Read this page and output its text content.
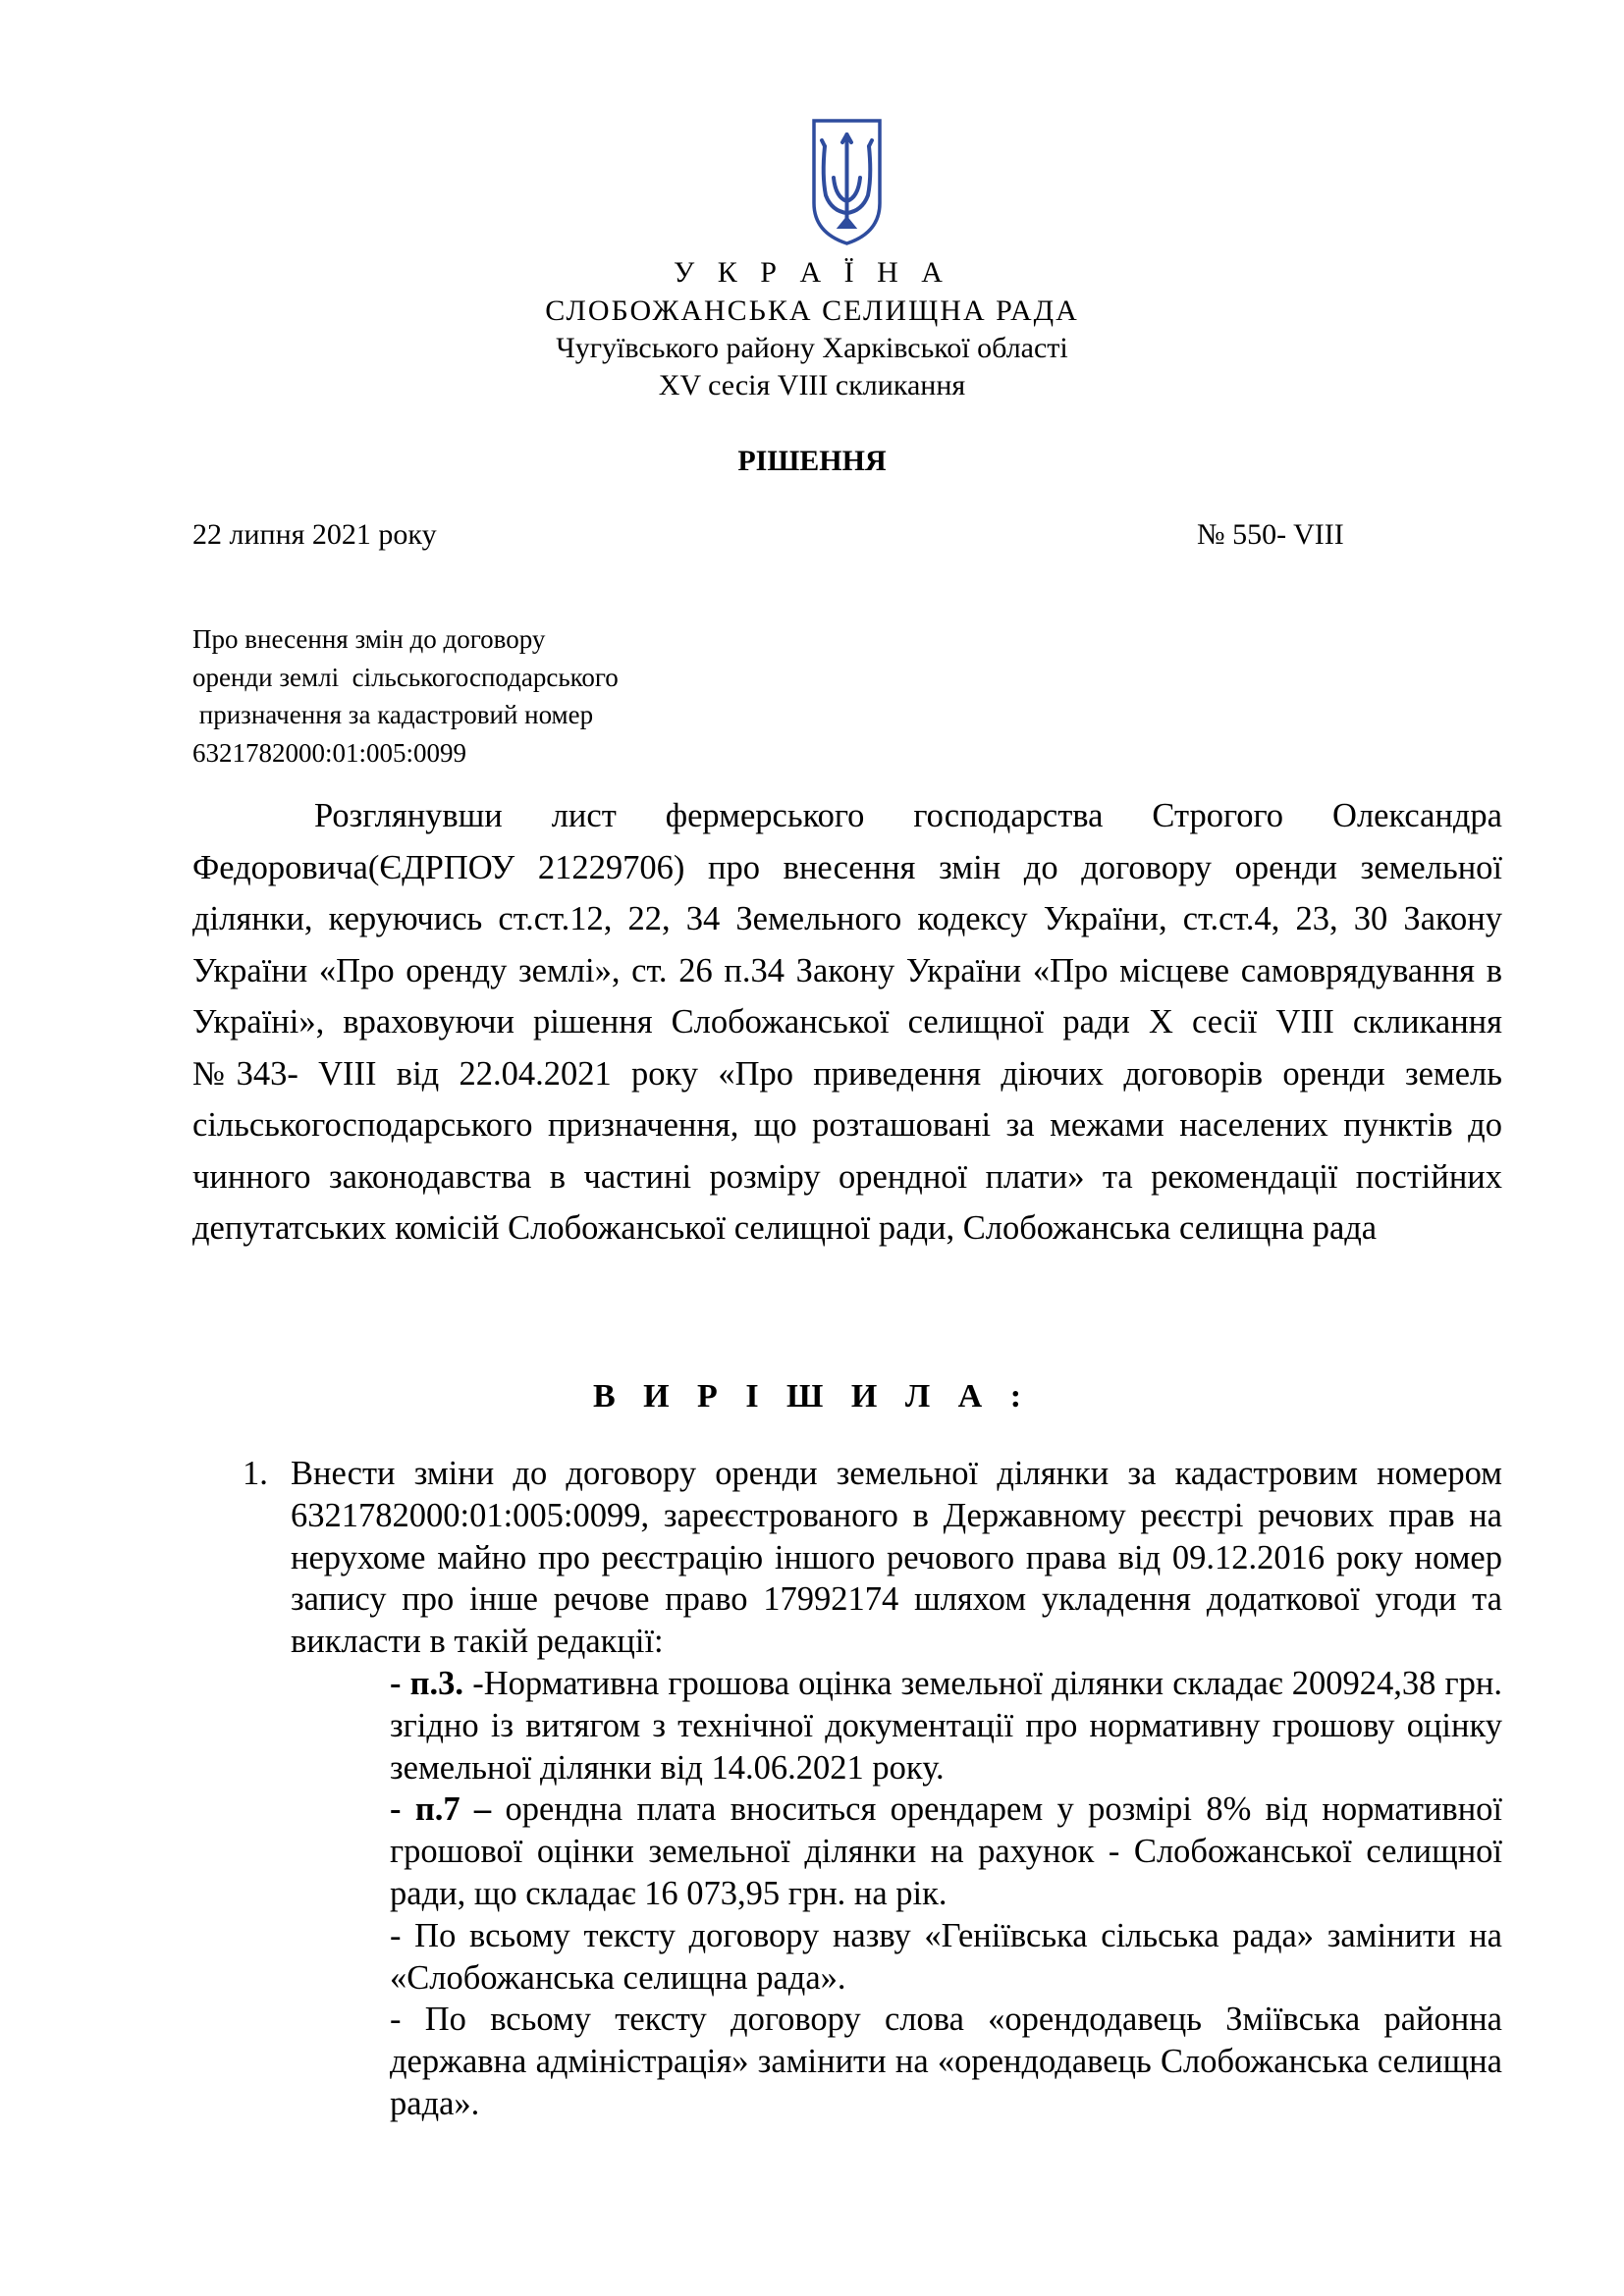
У К Р А Ї Н А
СЛОБОЖАНСЬКА СЕЛИЩНА РАДА
Чугуївського району Харківської області
XV сесія VIII скликання
РІШЕННЯ
22 липня 2021 року	№ 550- VIII
Про внесення змін до договору
оренди землі  сільськогосподарського
призначення за кадастровий номер
6321782000:01:005:0099
Розглянувши лист фермерського господарства Строгого Олександра Федоровича(ЄДРПОУ 21229706) про внесення змін до договору оренди земельної ділянки, керуючись ст.ст.12, 22, 34 Земельного кодексу України, ст.ст.4, 23, 30 Закону України «Про оренду землі», ст. 26 п.34 Закону України «Про місцеве самоврядування в Україні», враховуючи рішення Слобожанської селищної ради X сесії VIII скликання №343- VIII від 22.04.2021 року «Про приведення діючих договорів оренди земель сільськогосподарського призначення, що розташовані за межами населених пунктів до чинного законодавства в частині розміру орендної плати» та рекомендації постійних депутатських комісій Слобожанської селищної ради, Слобожанська селищна рада
В И Р І Ш И Л А :
1. Внести зміни до договору оренди земельної ділянки за кадастровим номером 6321782000:01:005:0099, зареєстрованого в Державному реєстрі речових прав на нерухоме майно про реєстрацію іншого речового права від 09.12.2016 року номер запису про інше речове право 17992174 шляхом укладення додаткової угоди та викласти в такій редакції:
- п.3. -Нормативна грошова оцінка земельної ділянки складає 200924,38 грн. згідно із витягом з технічної документації про нормативну грошову оцінку земельної ділянки від 14.06.2021 року.
- п.7 – орендна плата вноситься орендарем у розмірі 8% від нормативної грошової оцінки земельної ділянки на рахунок - Слобожанської селищної ради, що складає 16 073,95 грн. на рік.
- По всьому тексту договору назву «Геніївська сільська рада» замінити на «Слобожанська селищна рада».
- По всьому тексту договору слова «орендодавець Зміївська районна державна адміністрація» замінити на «орендодавець Слобожанська селищна рада».
